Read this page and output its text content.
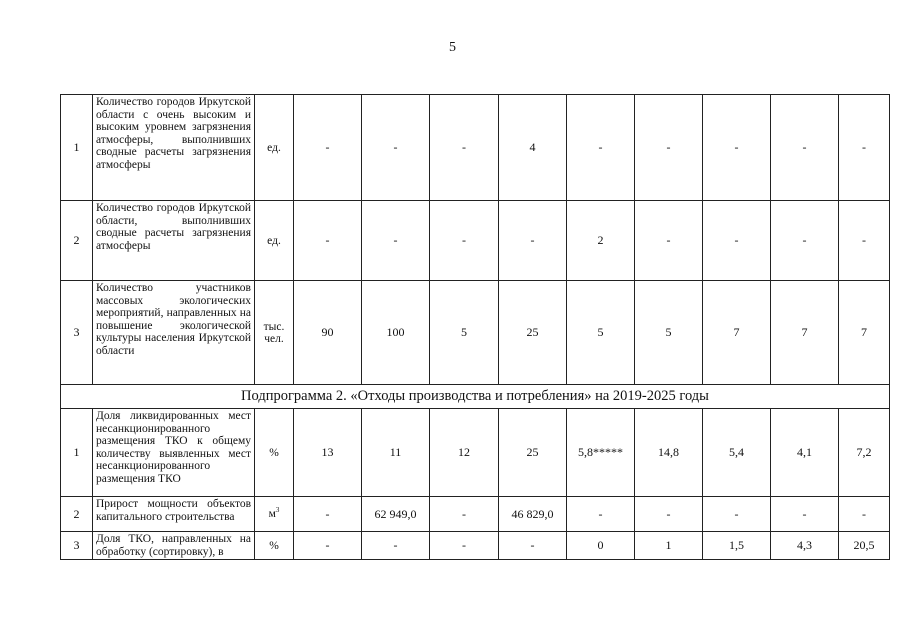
5
1	Количество городов Иркутской области с очень высоким и высоким уровнем загрязнения атмосферы, выполнивших сводные расчеты загрязнения атмосферы	ед.	-	-	-	4	-	-	-	-	-
2	Количество городов Иркутской области, выполнивших сводные расчеты загрязнения атмосферы	ед.	-	-	-	-	2	-	-	-	-
3	Количество участников массовых экологических мероприятий, направленных на повышение экологической культуры населения Иркутской области	тыс. чел.	90	100	5	25	5	5	7	7	7
Подпрограмма 2. «Отходы производства и потребления» на 2019-2025 годы											
1	Доля ликвидированных мест несанкционированного размещения ТКО к общему количеству выявленных мест несанкционированного размещения ТКО	%	13	11	12	25	5,8*****	14,8	5,4	4,1	7,2
2	Прирост мощности объектов капитального строительства	$м^3$	-	62 949,0	-	46 829,0	-	-	-	-	-
3	Доля ТКО, направленных на обработку (сортировку), в	%	-	-	-	-	0	1	1,5	4,3	20,5
